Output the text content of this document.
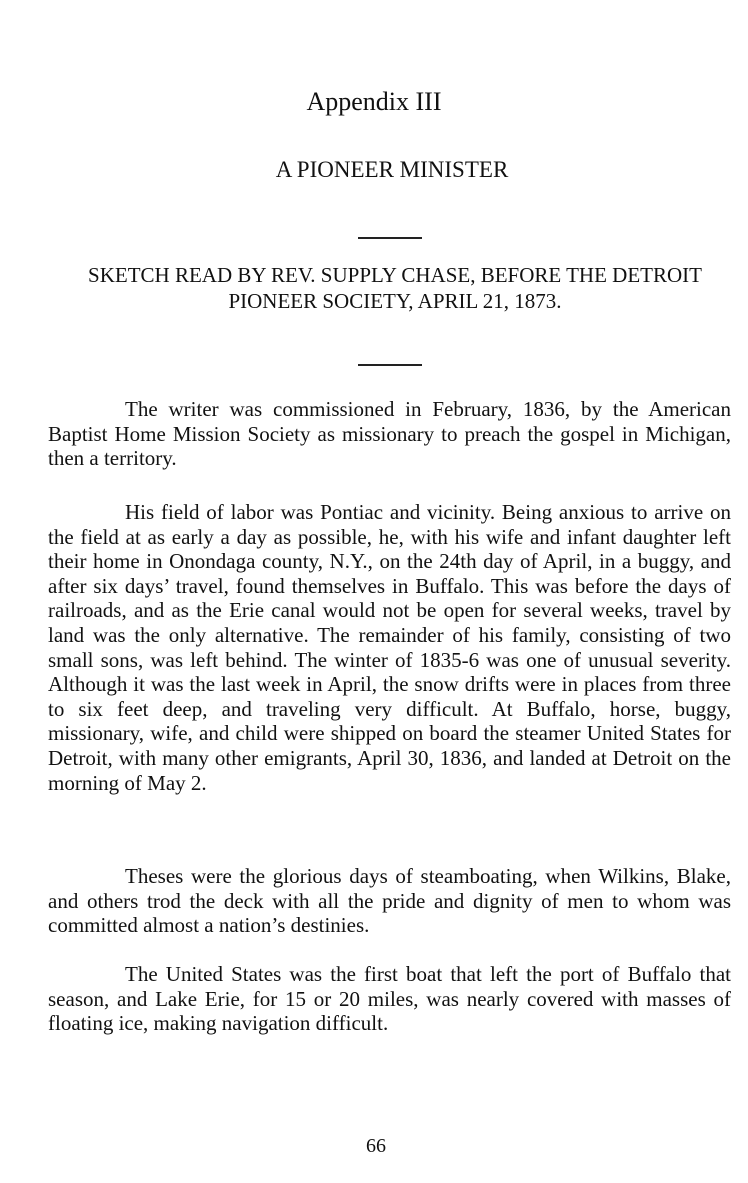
Appendix III
A PIONEER MINISTER
SKETCH READ BY REV. SUPPLY CHASE, BEFORE THE DETROIT PIONEER SOCIETY, APRIL 21, 1873.

The writer was commissioned in February, 1836, by the American Baptist Home Mission Society as missionary to preach the gospel in Michigan, then a territory.

His field of labor was Pontiac and vicinity. Being anxious to arrive on the field at as early a day as possible, he, with his wife and infant daughter left their home in Onondaga county, N.Y., on the 24th day of April, in a buggy, and after six days’ travel, found themselves in Buffalo. This was before the days of railroads, and as the Erie canal would not be open for several weeks, travel by land was the only alternative. The remainder of his family, consisting of two small sons, was left behind. The winter of 1835-6 was one of unusual severity. Although it was the last week in April, the snow drifts were in places from three to six feet deep, and traveling very difficult. At Buffalo, horse, buggy, missionary, wife, and child were shipped on board the steamer United States for Detroit, with many other emigrants, April 30, 1836, and landed at Detroit on the morning of May 2.

Theses were the glorious days of steamboating, when Wilkins, Blake, and others trod the deck with all the pride and dignity of men to whom was committed almost a nation’s destinies.

The United States was the first boat that left the port of Buffalo that season, and Lake Erie, for 15 or 20 miles, was nearly covered with masses of floating ice, making navigation difficult.

66
